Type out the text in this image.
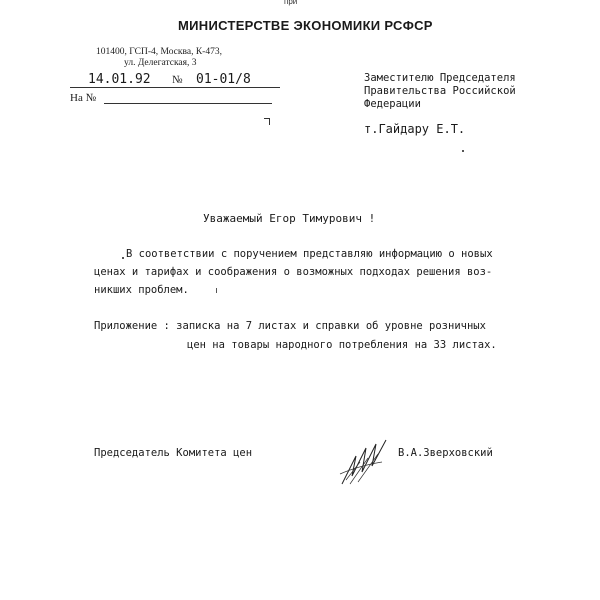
при
МИНИСТЕРСТВЕ ЭКОНОМИКИ РСФСР
101400, ГСП-4, Москва, К-473,
ул. Делегатская, 3

14.01.92

№

01-01/8

На №
Заместителю Председателя
Правительства Российской
Федерации
т.Гайдару Е.Т.
Уважаемый Егор Тимурович !
В соответствии с поручением представляю информацию о новых
ценах и тарифах и соображения о возможных подходах решения воз-
никших проблем.
Приложение : записка на 7 листах и справки об уровне розничных
цен на товары народного потребления на 33 листах.
Председатель Комитета цен	В.А.Зверховский
